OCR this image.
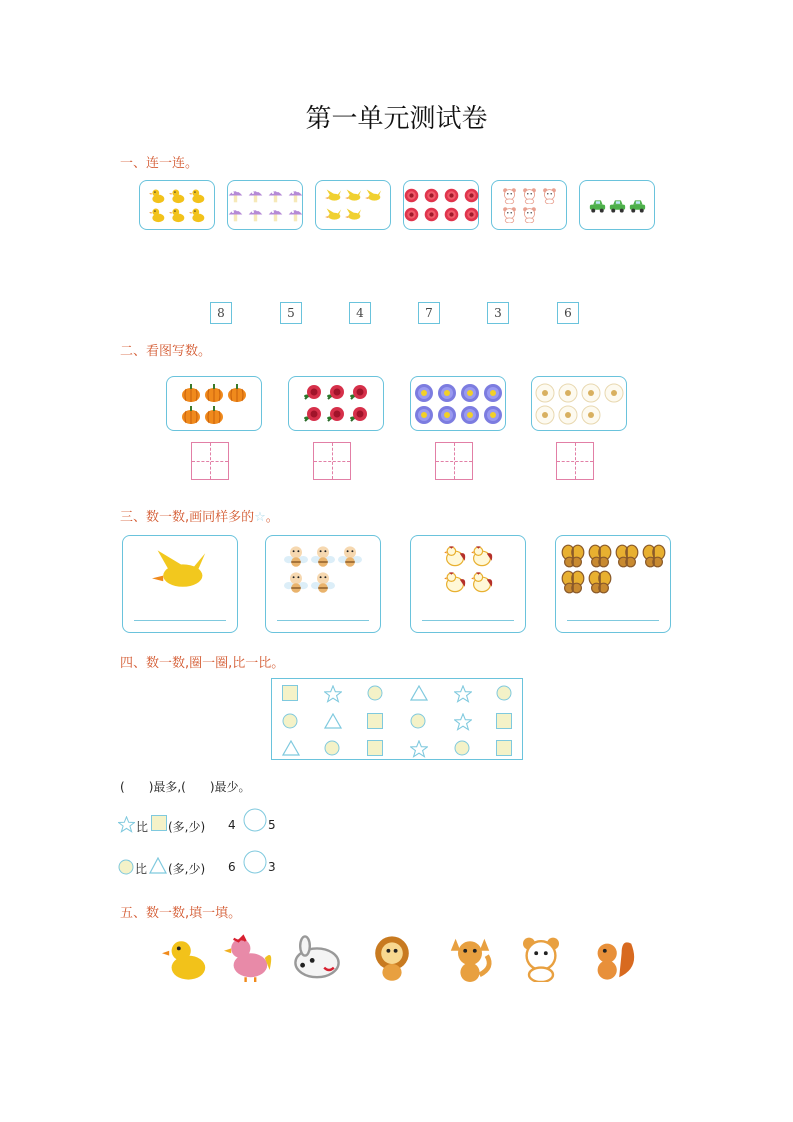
第一单元测试卷
一、连一连。
8	5	4	7	3	6
二、看图写数。
三、数一数,画同样多的☆。
四、数一数,圈一圈,比一比。
( )最多,( )最少。
比 (多,少) 4	5
比 (多,少) 6	3
五、数一数,填一填。
